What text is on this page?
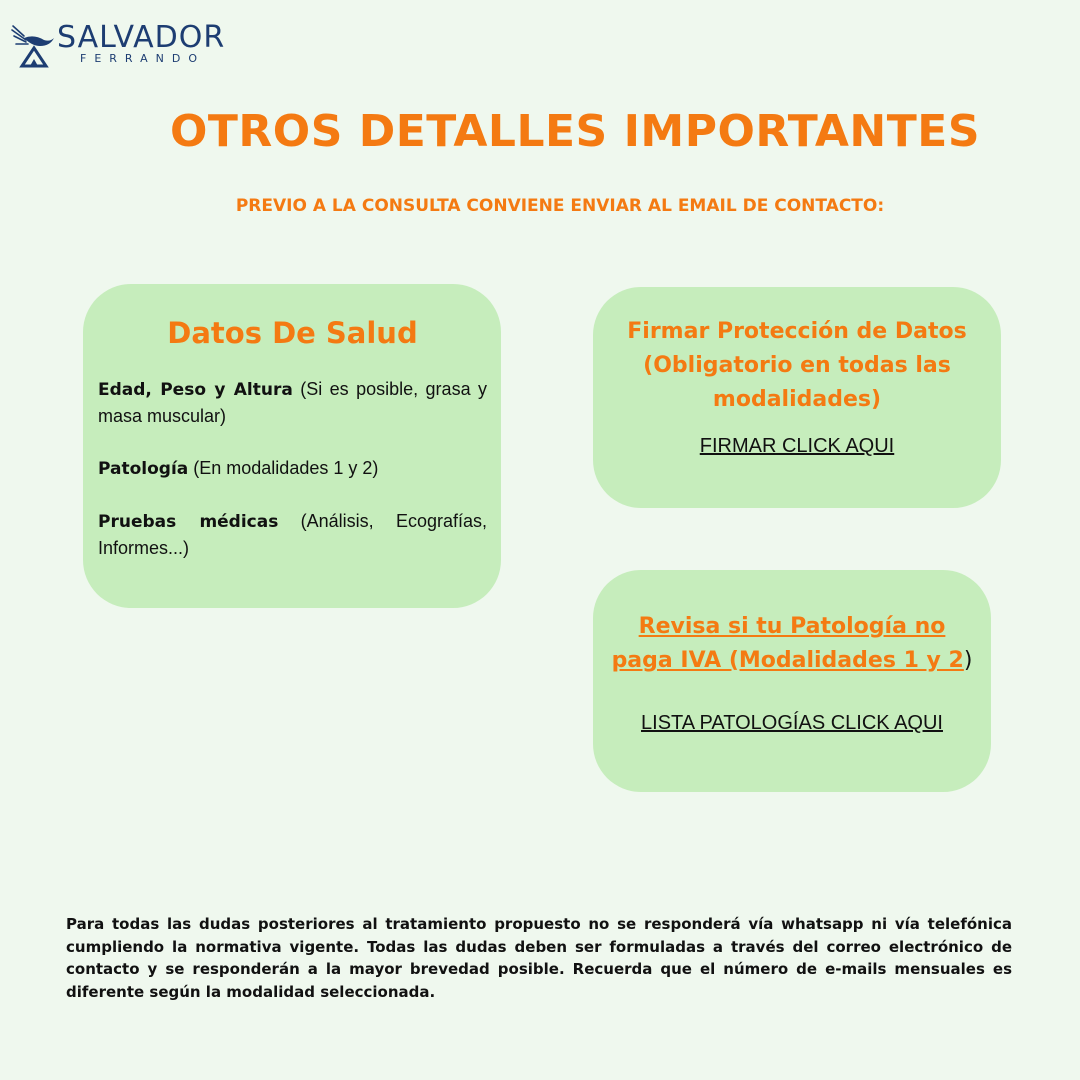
SALVADOR
FERRANDO
OTROS DETALLES IMPORTANTES

PREVIO A LA CONSULTA CONVIENE ENVIAR AL EMAIL DE CONTACTO:

Datos De Salud

Edad, Peso y Altura (Si es posible, grasa y masa muscular)

Patología (En modalidades 1 y 2)

Pruebas médicas (Análisis, Ecografías, Informes...)

Firmar Protección de Datos
(Obligatorio en todas las
modalidades)
FIRMAR CLICK AQUI
Revisa si tu Patología no
paga IVA (Modalidades 1 y 2)
LISTA PATOLOGÍAS CLICK AQUI

Para todas las dudas posteriores al tratamiento propuesto no se responderá vía whatsapp ni vía telefónica cumpliendo la normativa vigente. Todas las dudas deben ser formuladas a través del correo electrónico de contacto y se responderán a la mayor brevedad posible. Recuerda que el número de e-mails mensuales es diferente según la modalidad seleccionada.
